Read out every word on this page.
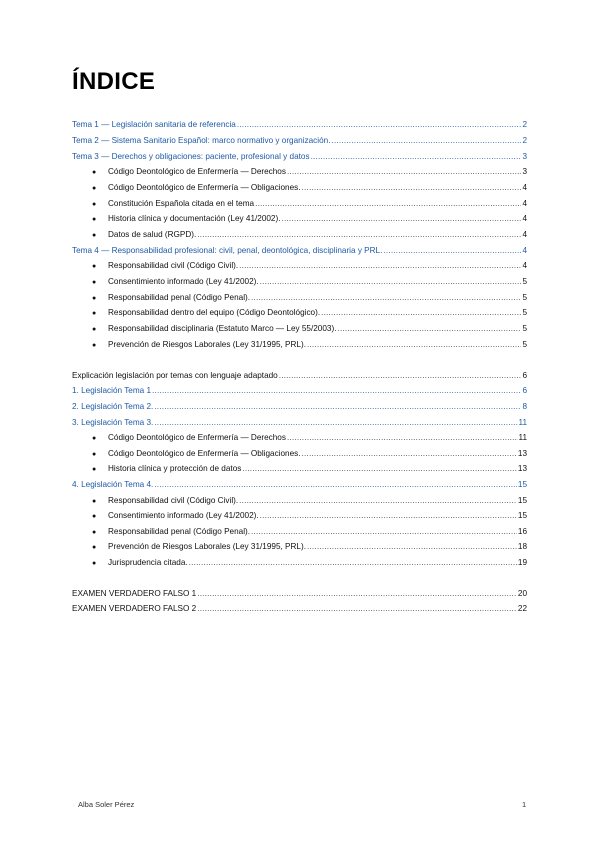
ÍNDICE
Tema 1 — Legislación sanitaria de referencia .....	2
Tema 2 — Sistema Sanitario Español: marco normativo y organización. .....	2
Tema 3 — Derechos y obligaciones: paciente, profesional y datos .....	3
●	Código Deontológico de Enfermería — Derechos .....	3
●	Código Deontológico de Enfermería — Obligaciones. .....	4
●	Constitución Española citada en el tema .....	4
●	Historia clínica y documentación (Ley 41/2002). .....	4
●	Datos de salud (RGPD). .....	4
Tema 4 — Responsabilidad profesional: civil, penal, deontológica, disciplinaria y PRL. .....	4
●	Responsabilidad civil (Código Civil). .....	4
●	Consentimiento informado (Ley 41/2002). .....	5
●	Responsabilidad penal (Código Penal). .....	5
●	Responsabilidad dentro del equipo (Código Deontológico). .....	5
●	Responsabilidad disciplinaria (Estatuto Marco — Ley 55/2003). .....	5
●	Prevención de Riesgos Laborales (Ley 31/1995, PRL). .....	5
Explicación legislación por temas con lenguaje adaptado .....	6
1. Legislación Tema 1 .....	6
2. Legislación Tema 2. .....	8
3. Legislación Tema 3. .....	11
●	Código Deontológico de Enfermería — Derechos .....	11
●	Código Deontológico de Enfermería — Obligaciones. .....	13
●	Historia clínica y protección de datos .....	13
4. Legislación Tema 4. .....	15
●	Responsabilidad civil (Código Civil). .....	15
●	Consentimiento informado (Ley 41/2002). .....	15
●	Responsabilidad penal (Código Penal). .....	16
●	Prevención de Riesgos Laborales (Ley 31/1995, PRL). .....	18
●	Jurisprudencia citada. .....	19
EXAMEN VERDADERO FALSO 1 .....	20
EXAMEN VERDADERO FALSO 2 .....	22
Alba Soler Pérez	1
